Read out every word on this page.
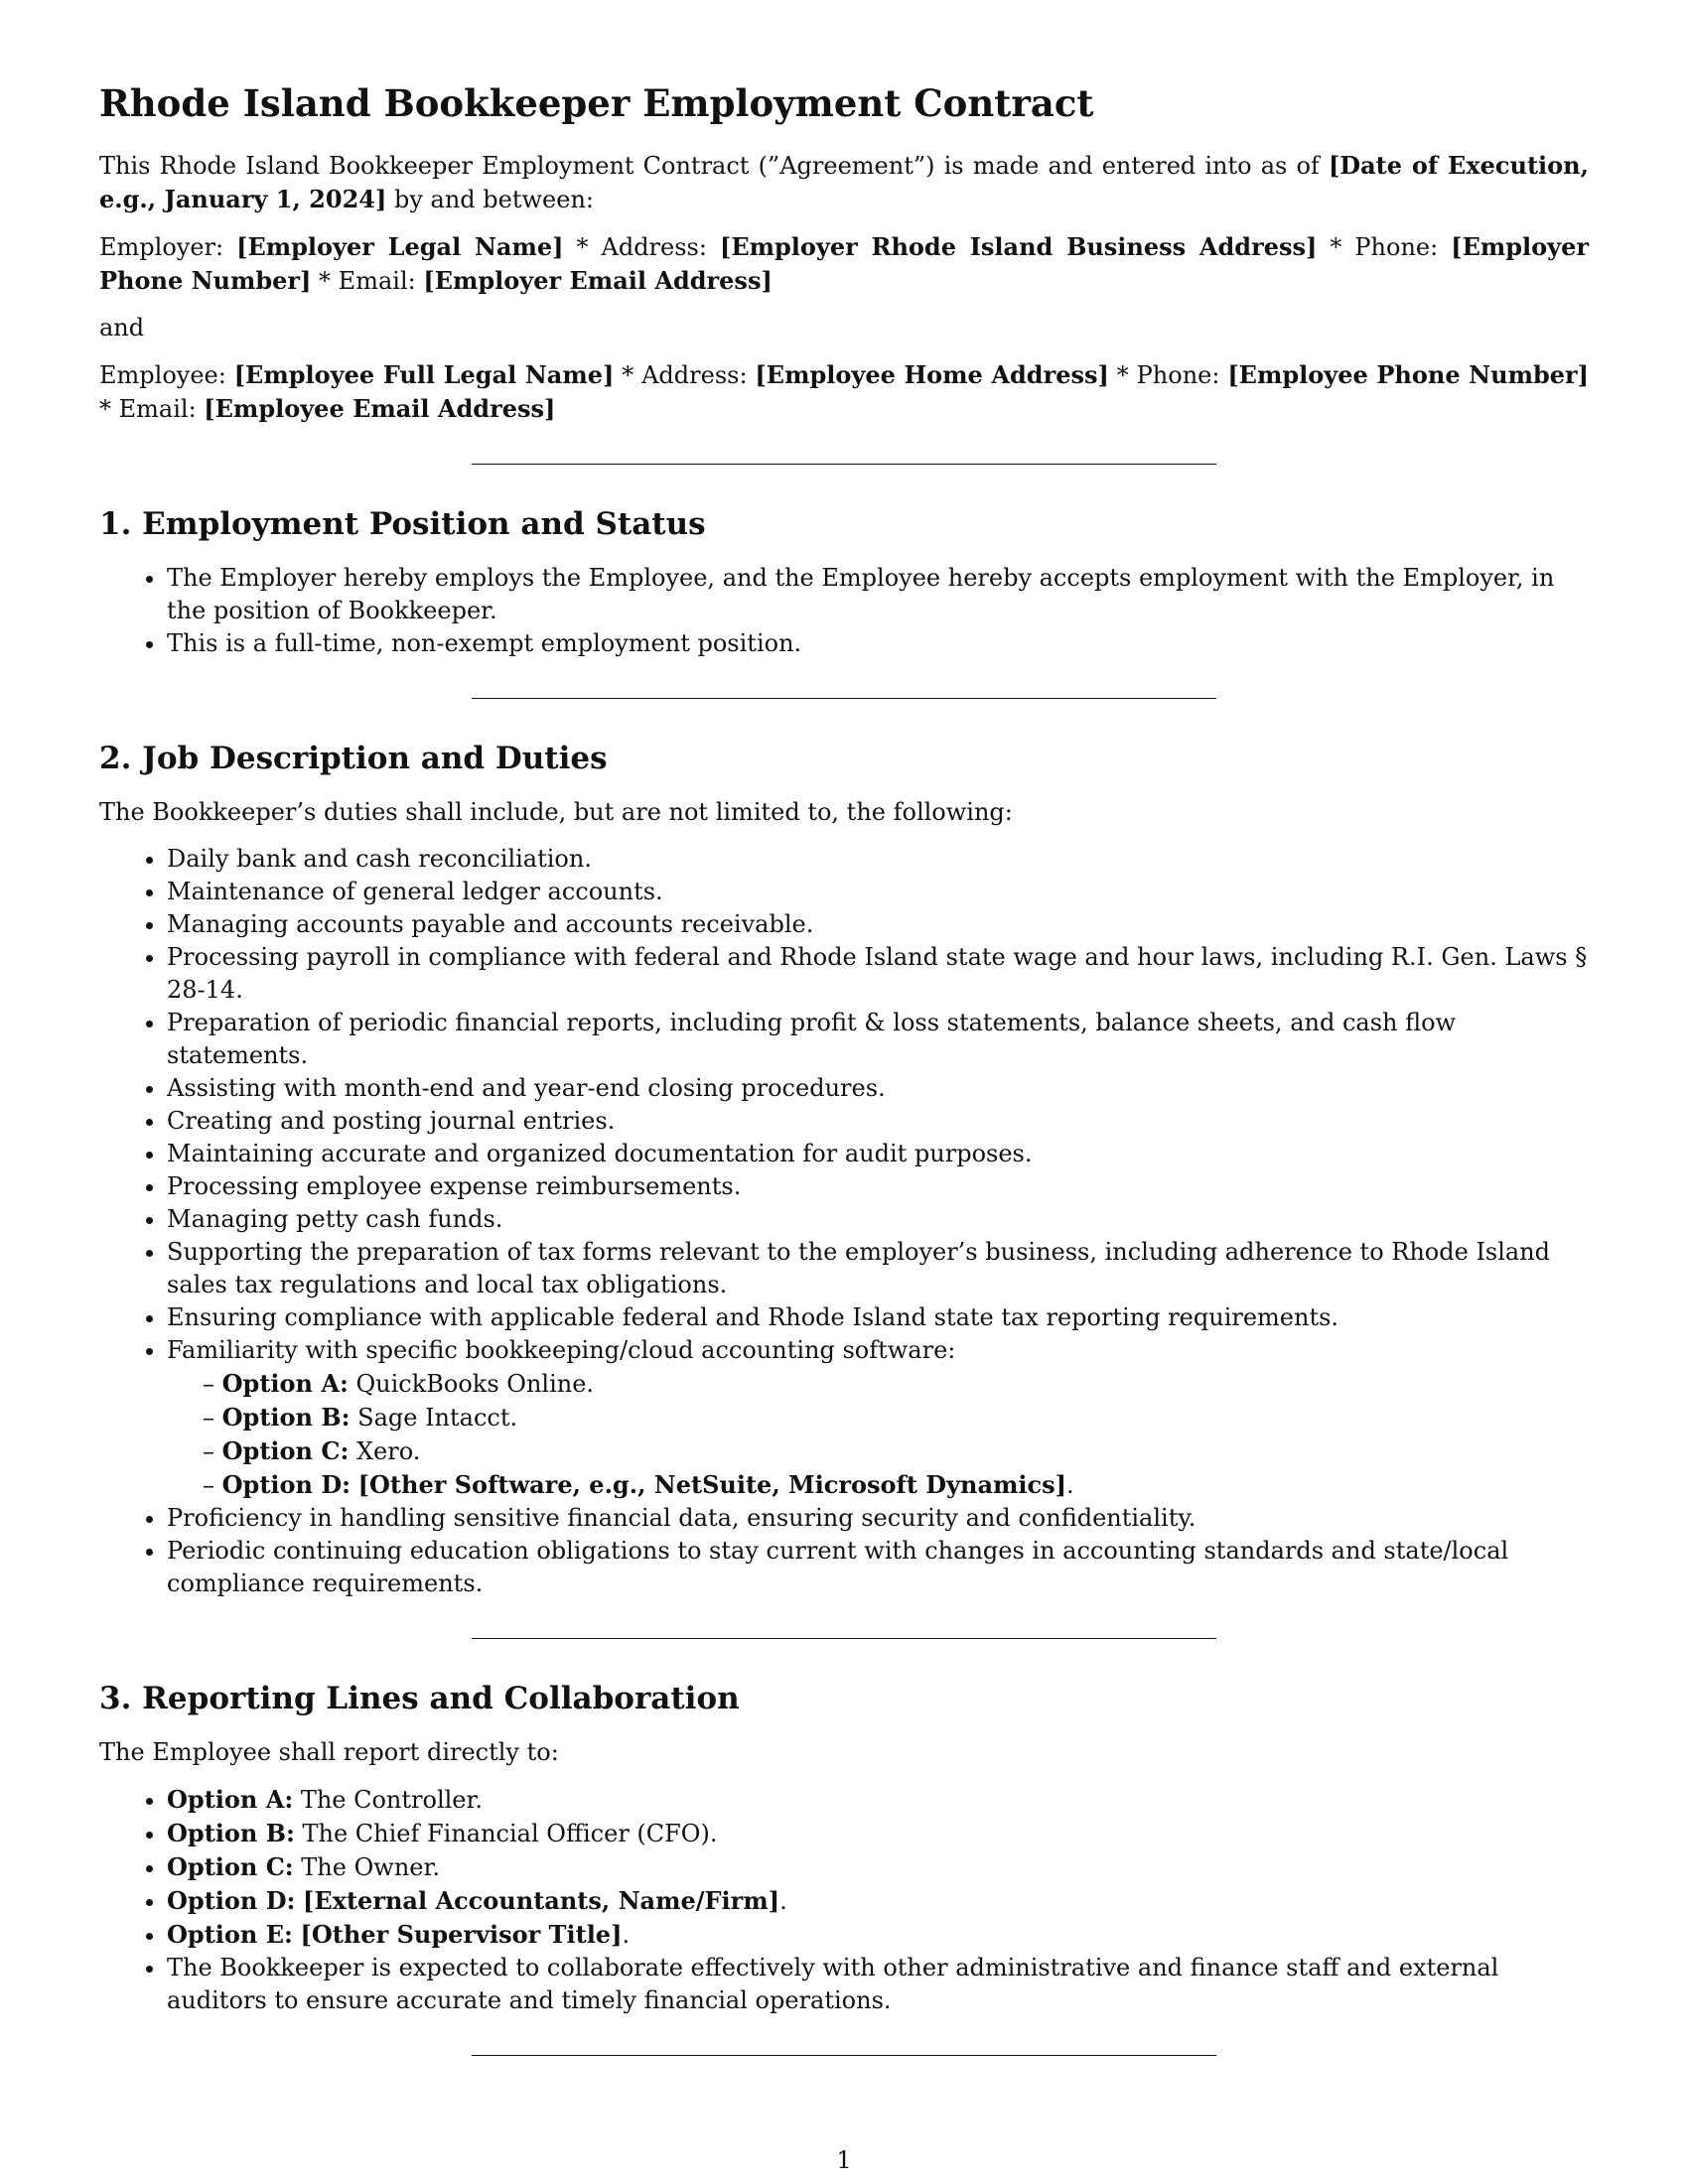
Rhode Island Bookkeeper Employment Contract

This Rhode Island Bookkeeper Employment Contract (”Agreement”) is made and entered into as of [Date of Execution, e.g., January 1, 2024] by and between:

Employer: [Employer Legal Name] * Address: [Employer Rhode Island Business Address] * Phone: [Employer Phone Number] * Email: [Employer Email Address]

and

Employee: [Employee Full Legal Name] * Address: [Employee Home Address] * Phone: [Employee Phone Number] * Email: [Employee Email Address]

1. Employment Position and Status
• The Employer hereby employs the Employee, and the Employee hereby accepts employment with the Employer, in the position of Bookkeeper.
• This is a full-time, non-exempt employment position.
2. Job Description and Duties

The Bookkeeper’s duties shall include, but are not limited to, the following:

• Daily bank and cash reconciliation.
• Maintenance of general ledger accounts.
• Managing accounts payable and accounts receivable.
• Processing payroll in compliance with federal and Rhode Island state wage and hour laws, including R.I. Gen. Laws § 28-14.
• Preparation of periodic financial reports, including profit & loss statements, balance sheets, and cash flow statements.
• Assisting with month-end and year-end closing procedures.
• Creating and posting journal entries.
• Maintaining accurate and organized documentation for audit purposes.
• Processing employee expense reimbursements.
• Managing petty cash funds.
• Supporting the preparation of tax forms relevant to the employer’s business, including adherence to Rhode Island sales tax regulations and local tax obligations.
• Ensuring compliance with applicable federal and Rhode Island state tax reporting requirements.
• Familiarity with specific bookkeeping/cloud accounting software:
– Option A: QuickBooks Online.
– Option B: Sage Intacct.
– Option C: Xero.
– Option D: [Other Software, e.g., NetSuite, Microsoft Dynamics].
• Proficiency in handling sensitive financial data, ensuring security and confidentiality.
• Periodic continuing education obligations to stay current with changes in accounting standards and state/local compliance requirements.
3. Reporting Lines and Collaboration

The Employee shall report directly to:

• Option A: The Controller.
• Option B: The Chief Financial Officer (CFO).
• Option C: The Owner.
• Option D: [External Accountants, Name/Firm].
• Option E: [Other Supervisor Title].
• The Bookkeeper is expected to collaborate effectively with other administrative and finance staff and external auditors to ensure accurate and timely financial operations.
1
